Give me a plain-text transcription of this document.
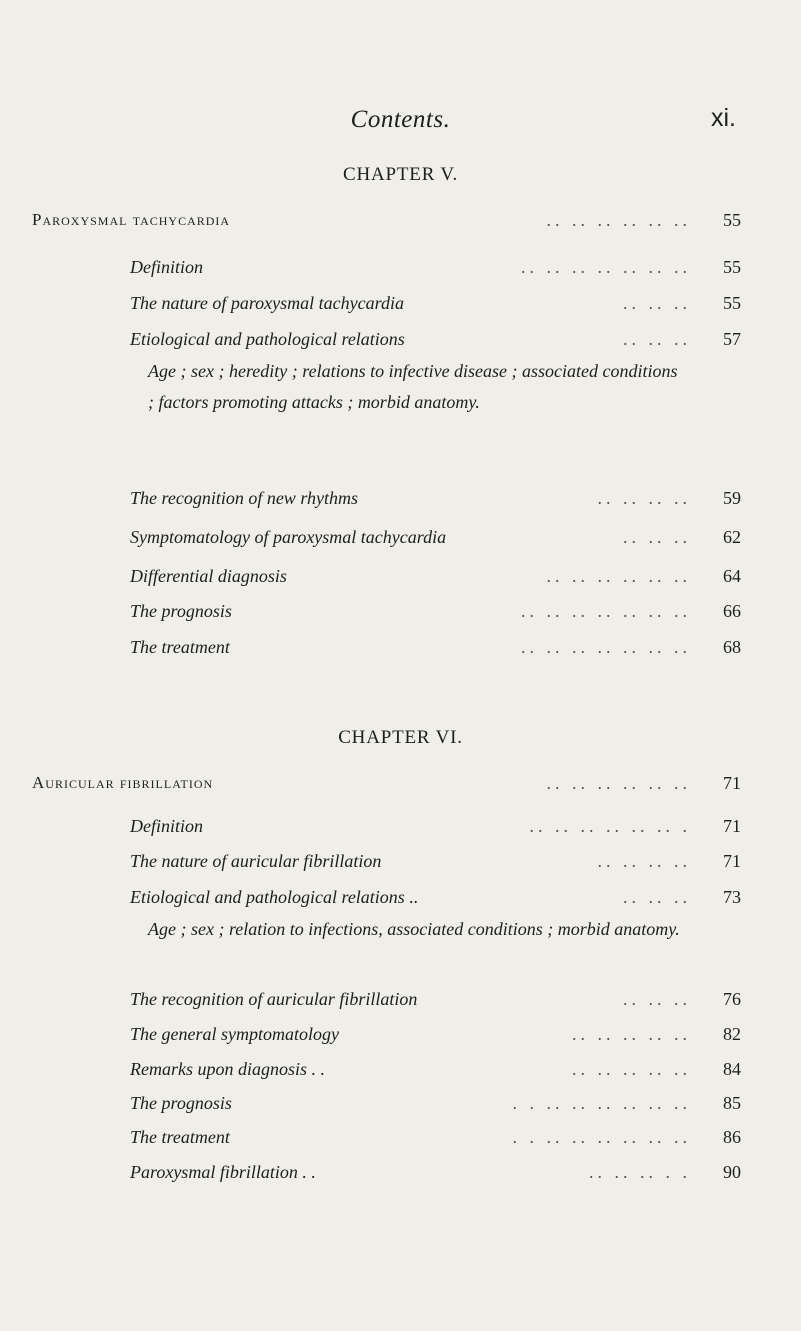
Contents.	xi.
CHAPTER V.
Paroxysmal tachycardia	.. .. .. .. .. ..	55
Definition	.. .. .. .. .. .. ..	55
The nature of paroxysmal tachycardia	.. .. ..	55
Etiological and pathological relations	.. .. ..	57
Age ; sex ; heredity ; relations to infective disease ; associated conditions ; factors promoting attacks ; morbid anatomy.
The recognition of new rhythms	.. .. .. ..	59
Symptomatology of paroxysmal tachycardia	.. .. ..	62
Differential diagnosis	.. .. .. .. .. ..	64
The prognosis	.. .. .. .. .. .. ..	66
The treatment	.. .. .. .. .. .. ..	68
CHAPTER VI.
Auricular fibrillation	.. .. .. .. .. ..	71
Definition	.. .. .. .. .. .. .	71
The nature of auricular fibrillation	.. .. .. ..	71
Etiological and pathological relations ..	.. .. ..	73
Age ; sex ; relation to infections, associated conditions ; morbid anatomy.
The recognition of auricular fibrillation	.. .. ..	76
The general symptomatology	.. .. .. .. ..	82
Remarks upon diagnosis . .	.. .. .. .. ..	84
The prognosis	. . .. .. .. .. .. ..	85
The treatment	. . .. .. .. .. .. ..	86
Paroxysmal fibrillation . .	.. .. .. . .	90
